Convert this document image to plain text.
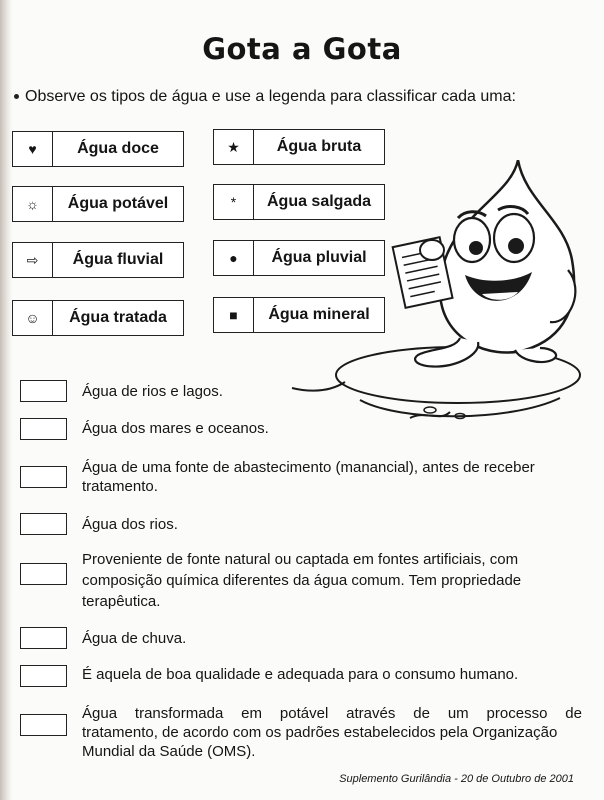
Gota a Gota
Observe os tipos de água e use a legenda para classificar cada uma:
♥	Água doce	★	Água bruta
☼	Água potável	*	Água salgada
⇨	Água fluvial	●	Água pluvial
☺	Água tratada	■	Água mineral
Água de rios e lagos.
Água dos mares e oceanos.
Água de uma fonte de abastecimento (manancial), antes de receber
tratamento.
Água dos rios.
Proveniente de fonte natural ou captada em fontes artificiais, com
composição química diferentes da água comum. Tem propriedade
terapêutica.
Água de chuva.
É aquela de boa qualidade e adequada para o consumo humano.
Água transformada em potável através de um processo de
tratamento, de acordo com os padrões estabelecidos pela Organização
Mundial da Saúde (OMS).
Suplemento Gurilândia - 20 de Outubro de 2001
